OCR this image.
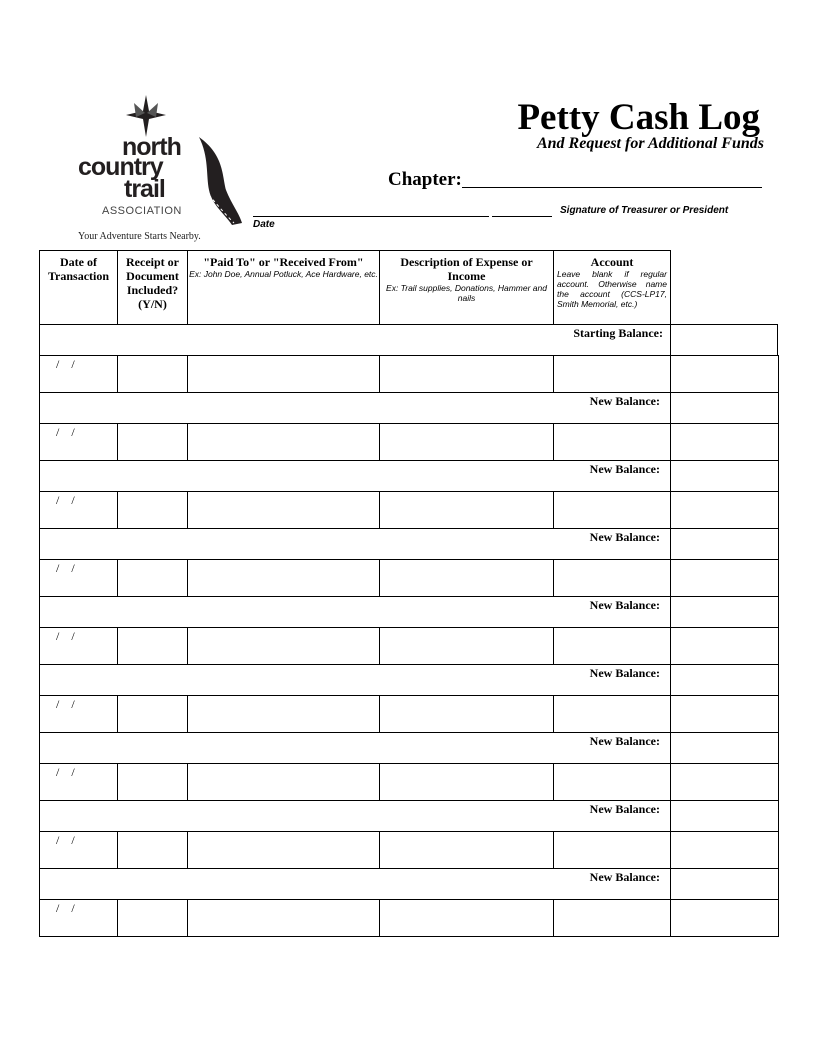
north
country
trail
ASSOCIATION
Your Adventure Starts Nearby.
Petty Cash Log
And Request for Additional Funds
Chapter:
Signature of Treasurer or President
Date
Date of Transaction
Receipt or Document Included? (Y/N)
"Paid To" or "Received From"
Ex: John Doe, Annual Potluck, Ace Hardware, etc.
Description of Expense or Income
Ex: Trail supplies, Donations, Hammer and nails
Account
Leave blank if regular account. Otherwise name the account (CCS-LP17, Smith Memorial, etc.)
Starting Balance:
/    /
New Balance:
/    /
New Balance:
/    /
New Balance:
/    /
New Balance:
/    /
New Balance:
/    /
New Balance:
/    /
New Balance:
/    /
New Balance:
/    /
